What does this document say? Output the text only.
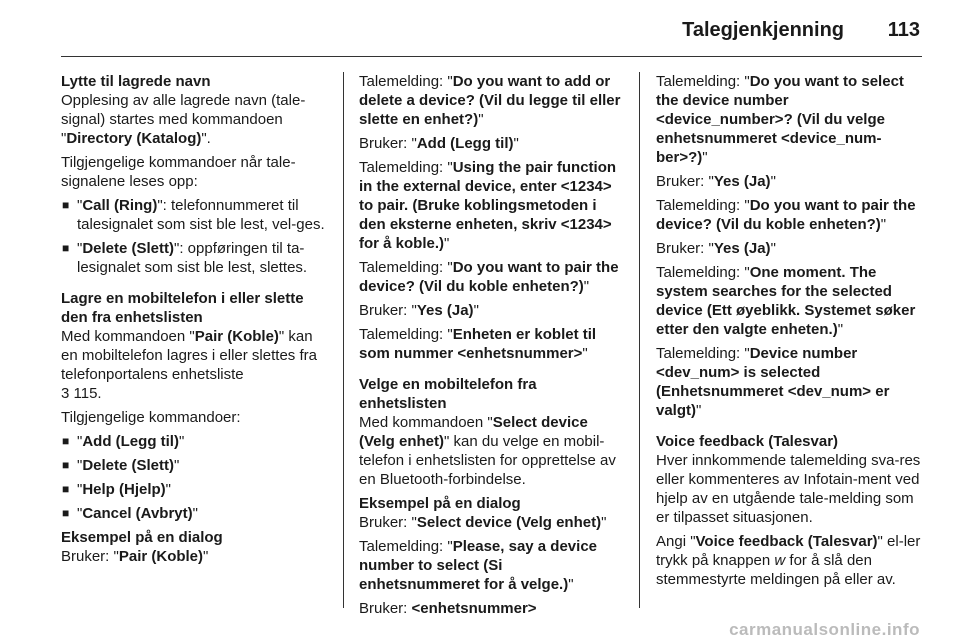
Talegjenkjenning 113
Lytte til lagrede navn

Opplesing av alle lagrede navn (tale-signal) startes med kommandoen "Directory (Katalog)".

Tilgjengelige kommandoer når tale-signalene leses opp:

■ "Call (Ring)": telefonnummeret til talesignalet som sist ble lest, vel-ges.
■ "Delete (Slett)": oppføringen til ta-lesignalet som sist ble lest, slettes.
Lagre en mobiltelefon i eller slette den fra enhetslisten

Med kommandoen "Pair (Koble)" kan en mobiltelefon lagres i eller slettes fra telefonportalens enhetsliste

3 115.

Tilgjengelige kommandoer:

■ "Add (Legg til)"
■ "Delete (Slett)"
■ "Help (Hjelp)"
■ "Cancel (Avbryt)"
Eksempel på en dialog

Bruker: "Pair (Koble)"

Talemelding: "Do you want to add or delete a device? (Vil du legge til eller slette en enhet?)"

Bruker: "Add (Legg til)"

Talemelding: "Using the pair function in the external device, enter <1234> to pair. (Bruke koblingsmetoden i den eksterne enheten, skriv <1234> for å koble.)"

Talemelding: "Do you want to pair the device? (Vil du koble enheten?)"

Bruker: "Yes (Ja)"

Talemelding: "Enheten er koblet til som nummer <enhetsnummer>"

Velge en mobiltelefon fra enhetslisten

Med kommandoen "Select device (Velg enhet)" kan du velge en mobil-telefon i enhetslisten for opprettelse av en Bluetooth-forbindelse.

Eksempel på en dialog

Bruker: "Select device (Velg enhet)"

Talemelding: "Please, say a device number to select (Si enhetsnummeret for å velge.)"

Bruker: <enhetsnummer>

Talemelding: "Do you want to select the device number <device_number>? (Vil du velge enhetsnummeret <device_num-ber>?)"

Bruker: "Yes (Ja)"

Talemelding: "Do you want to pair the device? (Vil du koble enheten?)"

Bruker: "Yes (Ja)"

Talemelding: "One moment. The system searches for the selected device (Ett øyeblikk. Systemet søker etter den valgte enheten.)"

Talemelding: "Device number <dev_num> is selected (Enhetsnummeret <dev_num> er valgt)"

Voice feedback (Talesvar)

Hver innkommende talemelding sva-res eller kommenteres av Infotain-ment ved hjelp av en utgående tale-melding som er tilpasset situasjonen.

Angi "Voice feedback (Talesvar)" el-ler trykk på knappen w for å slå den stemmestyrte meldingen på eller av.

carmanualsonline.info
